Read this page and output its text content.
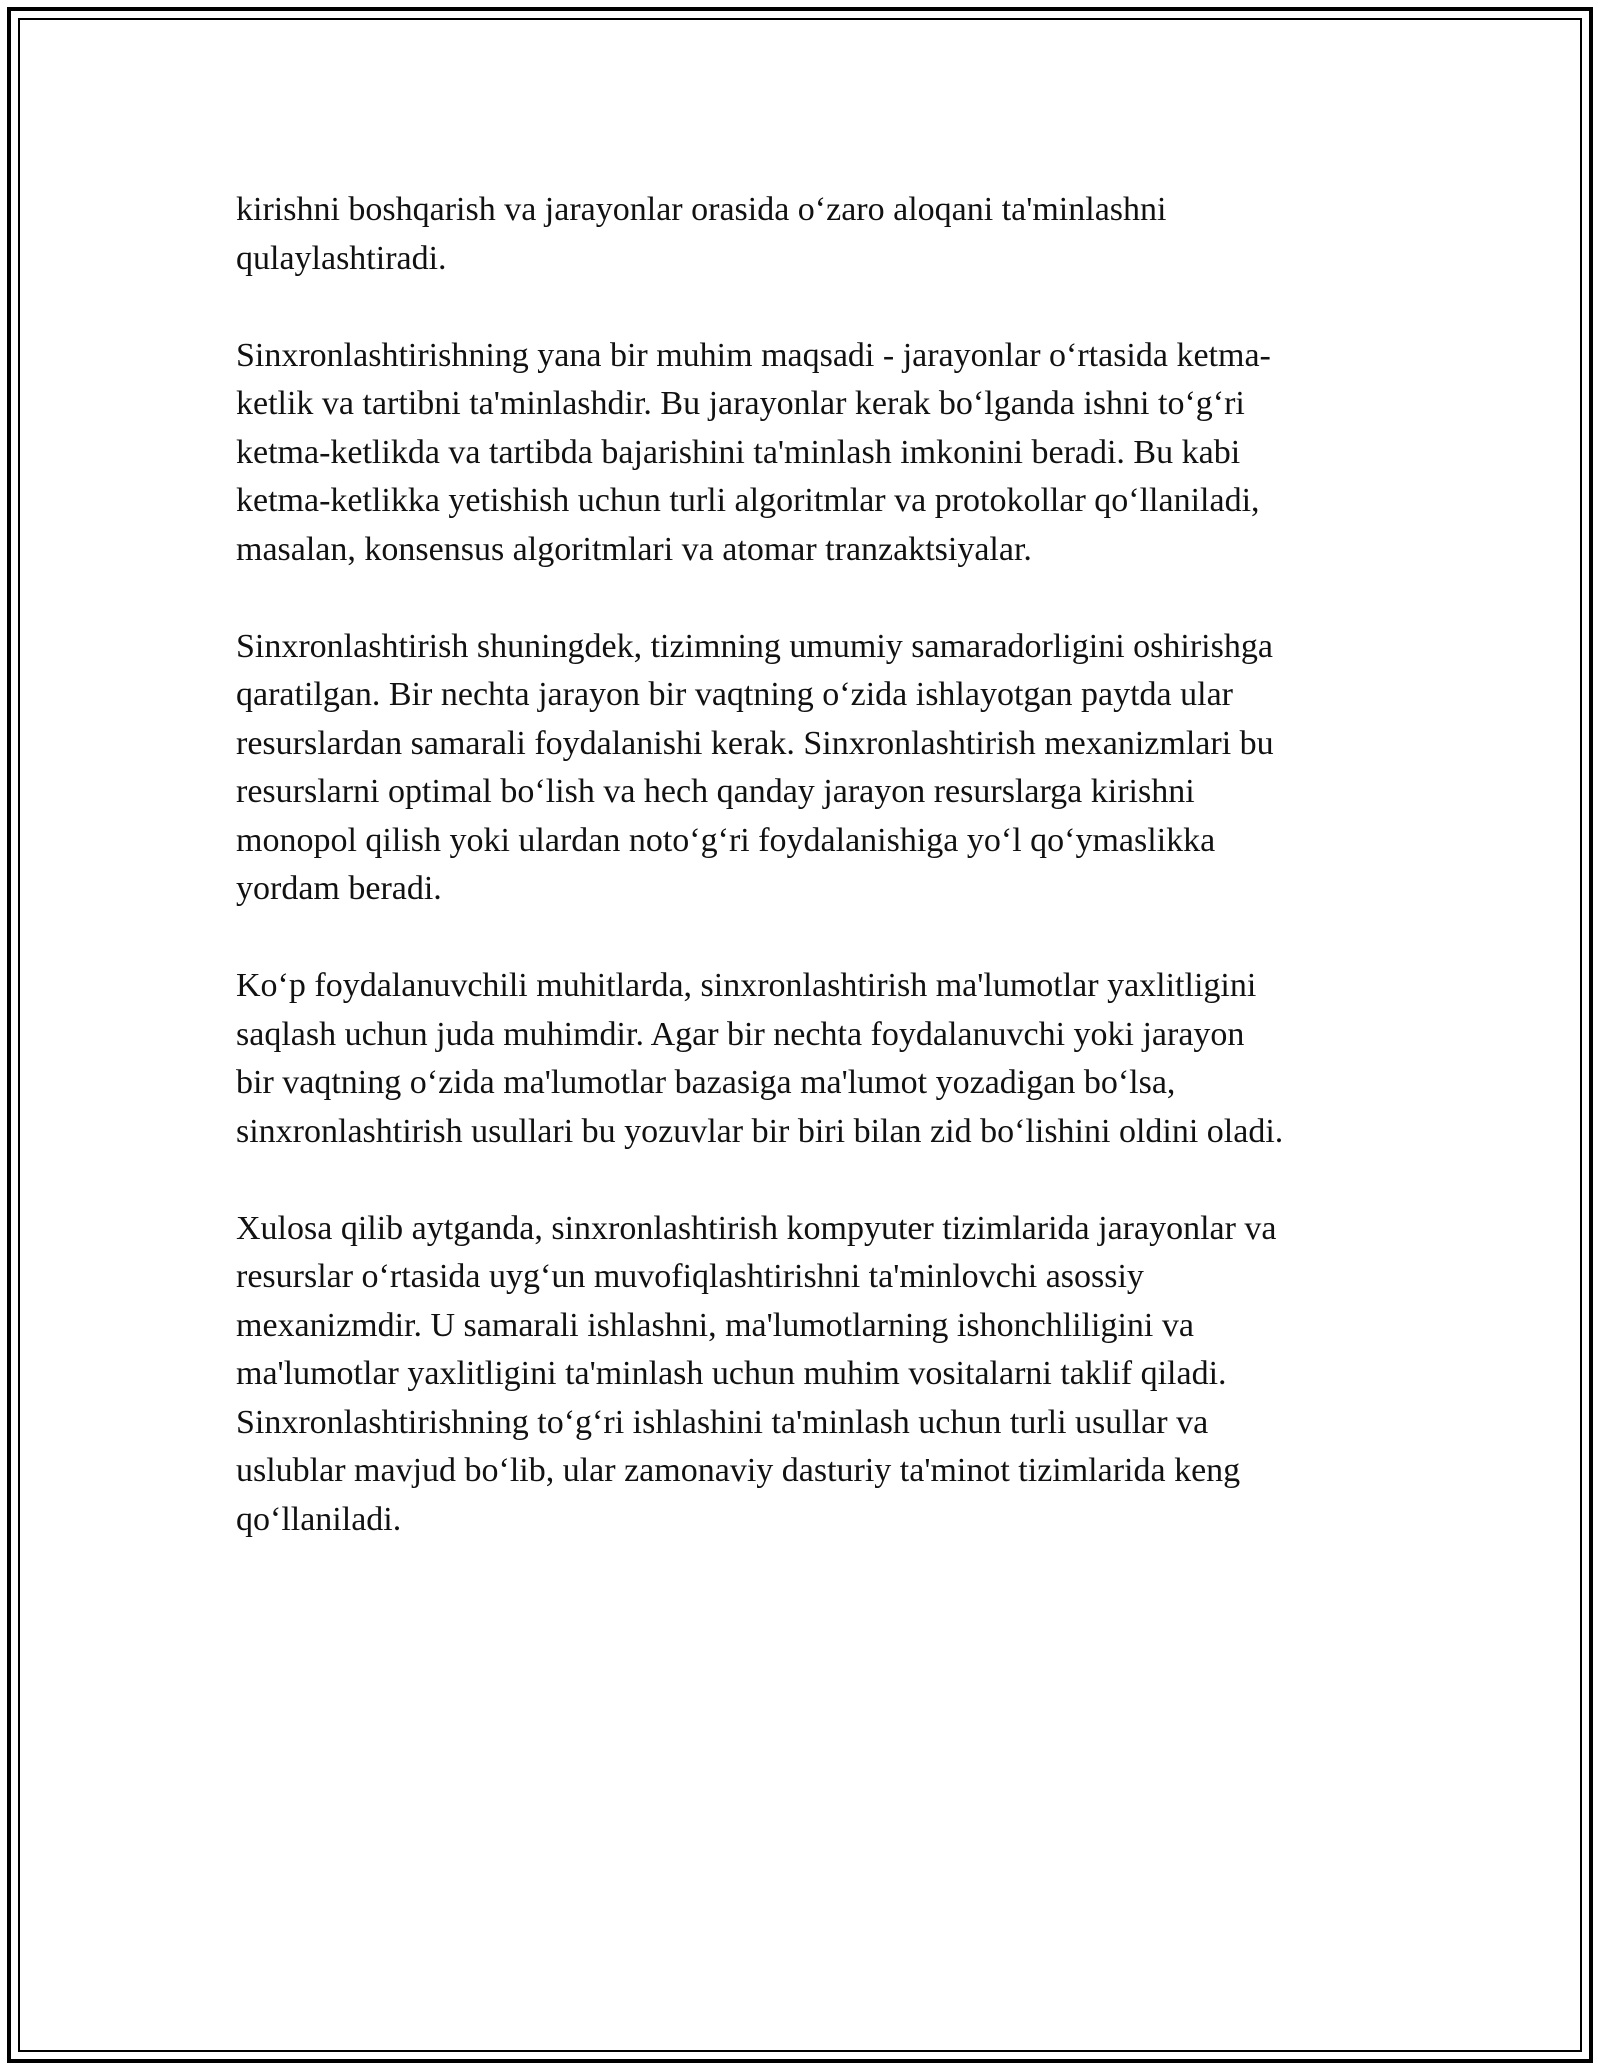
kirishni boshqarish va jarayonlar orasida o‘zaro aloqani ta'minlashni
qulaylashtiradi.

Sinxronlashtirishning yana bir muhim maqsadi - jarayonlar o‘rtasida ketma-
ketlik va tartibni ta'minlashdir. Bu jarayonlar kerak bo‘lganda ishni to‘g‘ri
ketma-ketlikda va tartibda bajarishini ta'minlash imkonini beradi. Bu kabi
ketma-ketlikka yetishish uchun turli algoritmlar va protokollar qo‘llaniladi,
masalan, konsensus algoritmlari va atomar tranzaktsiyalar.

Sinxronlashtirish shuningdek, tizimning umumiy samaradorligini oshirishga
qaratilgan. Bir nechta jarayon bir vaqtning o‘zida ishlayotgan paytda ular
resurslardan samarali foydalanishi kerak. Sinxronlashtirish mexanizmlari bu
resurslarni optimal bo‘lish va hech qanday jarayon resurslarga kirishni
monopol qilish yoki ulardan noto‘g‘ri foydalanishiga yo‘l qo‘ymaslikka
yordam beradi.

Ko‘p foydalanuvchili muhitlarda, sinxronlashtirish ma'lumotlar yaxlitligini
saqlash uchun juda muhimdir. Agar bir nechta foydalanuvchi yoki jarayon
bir vaqtning o‘zida ma'lumotlar bazasiga ma'lumot yozadigan bo‘lsa,
sinxronlashtirish usullari bu yozuvlar bir biri bilan zid bo‘lishini oldini oladi.

Xulosa qilib aytganda, sinxronlashtirish kompyuter tizimlarida jarayonlar va
resurslar o‘rtasida uyg‘un muvofiqlashtirishni ta'minlovchi asossiy
mexanizmdir. U samarali ishlashni, ma'lumotlarning ishonchliligini va
ma'lumotlar yaxlitligini ta'minlash uchun muhim vositalarni taklif qiladi.
Sinxronlashtirishning to‘g‘ri ishlashini ta'minlash uchun turli usullar va
uslublar mavjud bo‘lib, ular zamonaviy dasturiy ta'minot tizimlarida keng
qo‘llaniladi.
